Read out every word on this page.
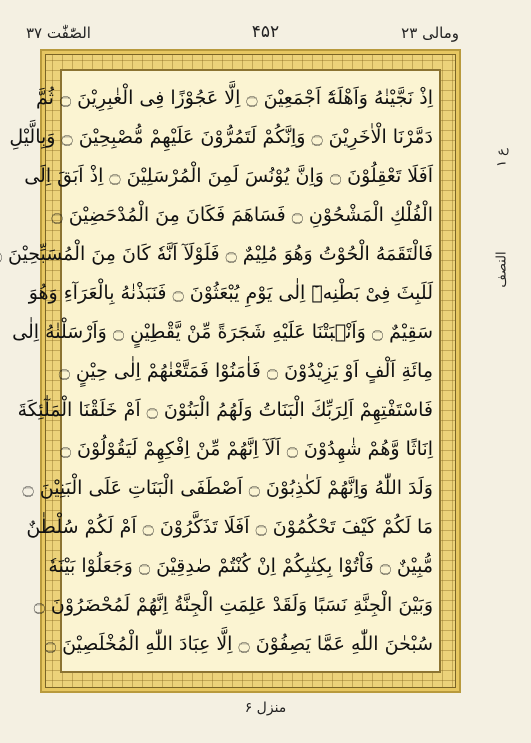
الصّٰفّٰت ۳۷	۴۵۲	ومالی ۲۳
اِذْ نَجَّيْنٰهُ وَاَهْلَهٗٓ اَجْمَعِيْنَ ۝ اِلَّا عَجُوْزًا فِى الْغٰبِرِيْنَ ۝ ثُمَّ
دَمَّرْنَا الْاٰخَرِيْنَ ۝ وَاِنَّكُمْ لَتَمُرُّوْنَ عَلَيْهِمْ مُّصْبِحِيْنَ ۝ وَبِالَّيْلِ
اَفَلَا تَعْقِلُوْنَ ۝ وَاِنَّ يُوْنُسَ لَمِنَ الْمُرْسَلِيْنَ ۝ اِذْ اَبَقَ اِلَى
الْفُلْكِ الْمَشْحُوْنِ ۝ فَسَاهَمَ فَكَانَ مِنَ الْمُدْحَضِيْنَ ۝
فَالْتَقَمَهُ الْحُوْتُ وَهُوَ مُلِيْمٌ ۝ فَلَوْلَآ اَنَّهٗ كَانَ مِنَ الْمُسَبِّحِيْنَ
لَلَبِثَ فِىْ بَطْنِهٖٓ اِلٰى يَوْمِ يُبْعَثُوْنَ ۝ فَنَبَذْنٰهُ بِالْعَرَآءِ وَهُوَ
سَقِيْمٌ ۝ وَاَنْۢبَتْنَا عَلَيْهِ شَجَرَةً مِّنْ يَّقْطِيْنٍ ۝ وَاَرْسَلْنٰهُ اِلٰى
مِائَةِ اَلْفٍ اَوْ يَزِيْدُوْنَ ۝ فَاٰمَنُوْا فَمَتَّعْنٰهُمْ اِلٰى حِيْنٍ ۝
فَاسْتَفْتِهِمْ اَلِرَبِّكَ الْبَنَاتُ وَلَهُمُ الْبَنُوْنَ ۝ اَمْ خَلَقْنَا الْمَلٰٓئِكَةَ
اِنَاثًا وَّهُمْ شٰهِدُوْنَ ۝ اَلَآ اِنَّهُمْ مِّنْ اِفْكِهِمْ لَيَقُوْلُوْنَ ۝
وَلَدَ اللّٰهُ وَاِنَّهُمْ لَكٰذِبُوْنَ ۝ اَصْطَفَى الْبَنَاتِ عَلَى الْبَنِيْنَ ۝
مَا لَكُمْ كَيْفَ تَحْكُمُوْنَ ۝ اَفَلَا تَذَكَّرُوْنَ ۝ اَمْ لَكُمْ سُلْطٰنٌ
مُّبِيْنٌ ۝ فَاْتُوْا بِكِتٰبِكُمْ اِنْ كُنْتُمْ صٰدِقِيْنَ ۝ وَجَعَلُوْا بَيْنَهٗ
وَبَيْنَ الْجِنَّةِ نَسَبًا وَلَقَدْ عَلِمَتِ الْجِنَّةُ اِنَّهُمْ لَمُحْضَرُوْنَ ۝
سُبْحٰنَ اللّٰهِ عَمَّا يَصِفُوْنَ ۝ اِلَّا عِبَادَ اللّٰهِ الْمُخْلَصِيْنَ ۝
ع ۱
النصف
منزل ۶
